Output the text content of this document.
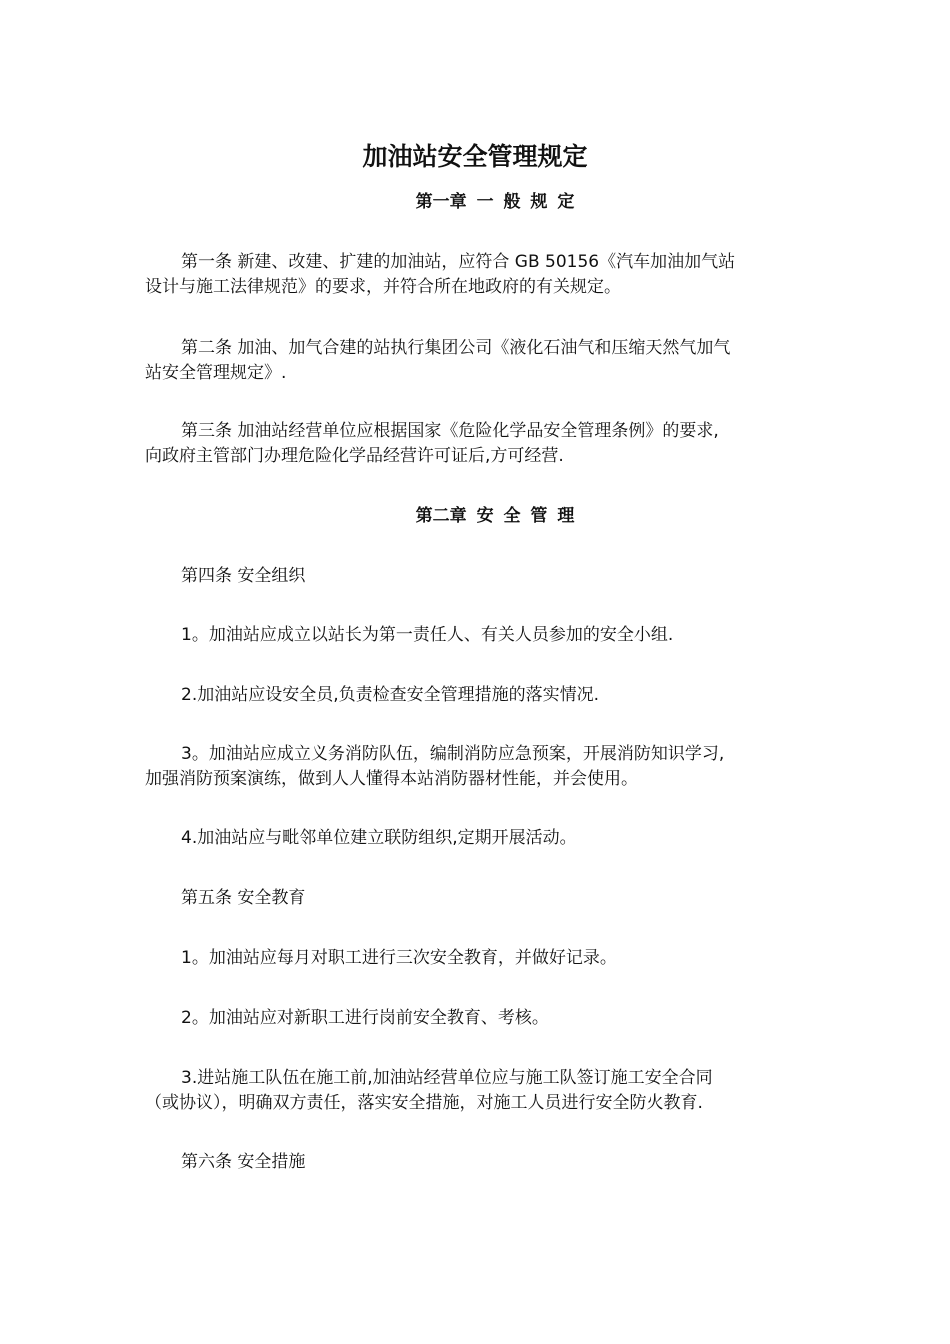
加油站安全管理规定
第一章 一 般 规 定
第一条 新建、改建、扩建的加油站，应符合 GB 50156《汽车加油加气站
设计与施工法律规范》的要求，并符合所在地政府的有关规定。
第二条 加油、加气合建的站执行集团公司《液化石油气和压缩天然气加气
站安全管理规定》.
第三条 加油站经营单位应根据国家《危险化学品安全管理条例》的要求,
向政府主管部门办理危险化学品经营许可证后,方可经营.
第二章 安 全 管 理
第四条 安全组织
1。加油站应成立以站长为第一责任人、有关人员参加的安全小组.
2.加油站应设安全员,负责检查安全管理措施的落实情况.
3。加油站应成立义务消防队伍，编制消防应急预案，开展消防知识学习,
加强消防预案演练，做到人人懂得本站消防器材性能，并会使用。
4.加油站应与毗邻单位建立联防组织,定期开展活动。
第五条 安全教育
1。加油站应每月对职工进行三次安全教育，并做好记录。
2。加油站应对新职工进行岗前安全教育、考核。
3.进站施工队伍在施工前,加油站经营单位应与施工队签订施工安全合同
（或协议），明确双方责任，落实安全措施，对施工人员进行安全防火教育.
第六条 安全措施
